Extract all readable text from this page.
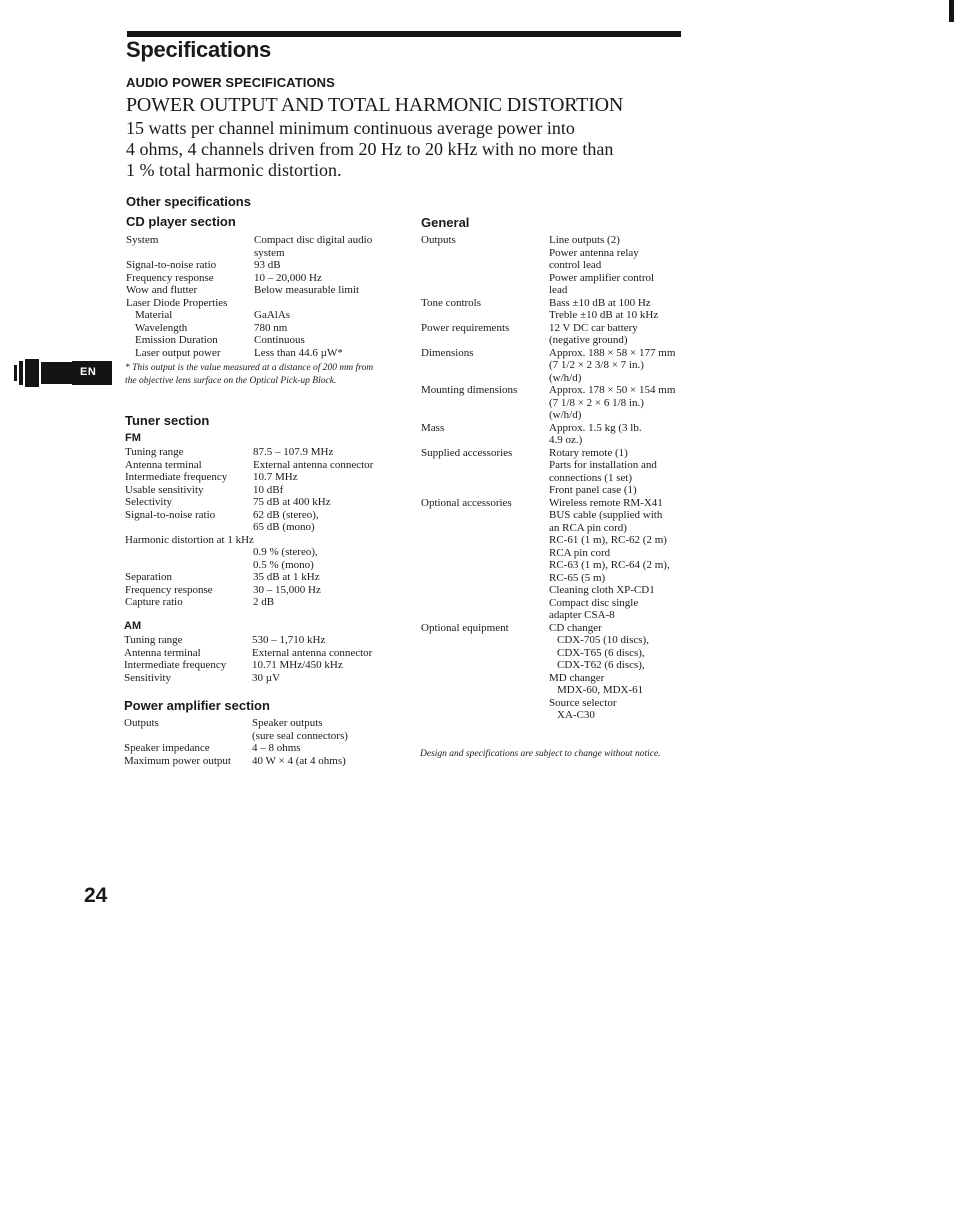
Specifications
AUDIO POWER SPECIFICATIONS
POWER OUTPUT AND TOTAL HARMONIC DISTORTION
15 watts per channel minimum continuous average power into
4 ohms, 4 channels driven from 20 Hz to 20 kHz with no more than
1 % total harmonic distortion.
Other specifications
CD player section
System	Compact disc digital audio
system
Signal-to-noise ratio	93 dB
Frequency response	10 – 20,000 Hz
Wow and flutter	Below measurable limit
Laser Diode Properties
Material	GaAlAs
Wavelength	780 nm
Emission Duration	Continuous
Laser output power	Less than 44.6 µW*
* This output is the value measured at a distance of 200 mm from the objective lens surface on the Optical Pick-up Block.
Tuner section
FM
Tuning range	87.5 – 107.9 MHz
Antenna terminal	External antenna connector
Intermediate frequency 10.7 MHz
Usable sensitivity	10 dBf
Selectivity	75 dB at 400 kHz
Signal-to-noise ratio	62 dB (stereo),
65 dB (mono)
Harmonic distortion at 1 kHz
0.9 % (stereo),
0.5 % (mono)
Separation	35 dB at 1 kHz
Frequency response	30 – 15,000 Hz
Capture ratio	2 dB
AM
Tuning range	530 – 1,710 kHz
Antenna terminal	External antenna connector
Intermediate frequency 10.71 MHz/450 kHz
Sensitivity	30 µV
Power amplifier section
Outputs	Speaker outputs
(sure seal connectors)
Speaker impedance	4 – 8 ohms
Maximum power output 40 W × 4 (at 4 ohms)
General
Outputs	Line outputs (2)
Power antenna relay
control lead
Power amplifier control
lead
Tone controls	Bass ±10 dB at 100 Hz
Treble ±10 dB at 10 kHz
Power requirements	12 V DC car battery
(negative ground)
Dimensions	Approx. 188 × 58 × 177 mm
(7 1/2 × 2 3/8 × 7 in.)
(w/h/d)
Mounting dimensions	Approx. 178 × 50 × 154 mm
(7 1/8 × 2 × 6 1/8 in.)
(w/h/d)
Mass	Approx. 1.5 kg (3 lb.
4.9 oz.)
Supplied accessories	Rotary remote (1)
Parts for installation and
connections (1 set)
Front panel case (1)
Optional accessories	Wireless remote RM-X41
BUS cable (supplied with
an RCA pin cord)
RC-61 (1 m), RC-62 (2 m)
RCA pin cord
RC-63 (1 m), RC-64 (2 m),
RC-65 (5 m)
Cleaning cloth XP-CD1
Compact disc single
adapter CSA-8
Optional equipment	CD changer
CDX-705 (10 discs),
CDX-T65 (6 discs),
CDX-T62 (6 discs),
MD changer
MDX-60, MDX-61
Source selector
XA-C30
Design and specifications are subject to change without notice.
EN
24
